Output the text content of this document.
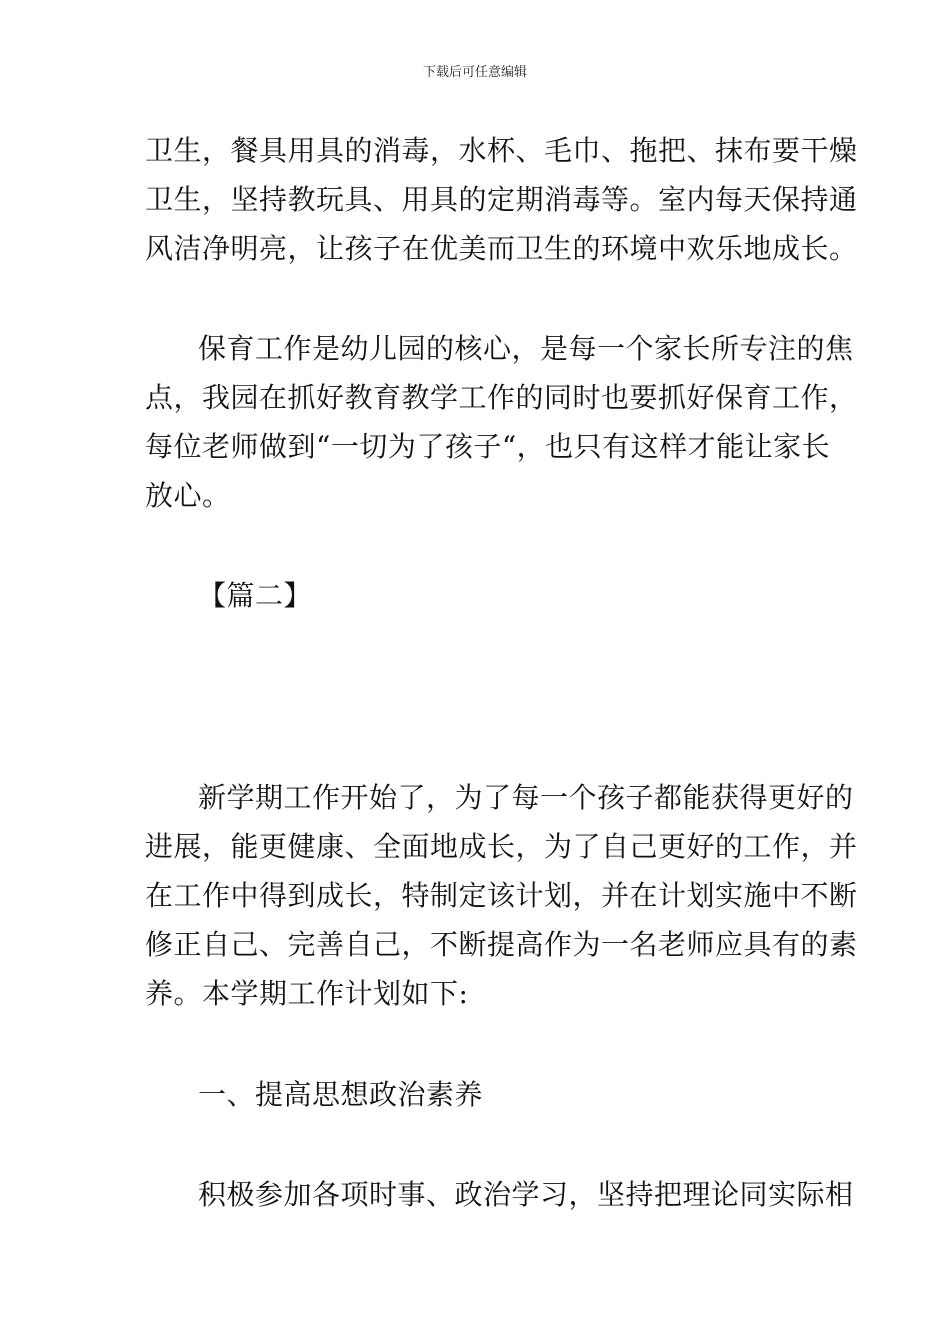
下载后可任意编辑
卫生，餐具用具的消毒，水杯、毛巾、拖把、抹布要干燥
卫生，坚持教玩具、用具的定期消毒等。室内每天保持通
风洁净明亮，让孩子在优美而卫生的环境中欢乐地成长。
保育工作是幼儿园的核心，是每一个家长所专注的焦
点，我园在抓好教育教学工作的同时也要抓好保育工作，
每位老师做到“一切为了孩子“，也只有这样才能让家长
放心。
【篇二】
新学期工作开始了，为了每一个孩子都能获得更好的
进展，能更健康、全面地成长，为了自己更好的工作，并
在工作中得到成长，特制定该计划，并在计划实施中不断
修正自己、完善自己，不断提高作为一名老师应具有的素
养。本学期工作计划如下:
一、提高思想政治素养
积极参加各项时事、政治学习，坚持把理论同实际相
